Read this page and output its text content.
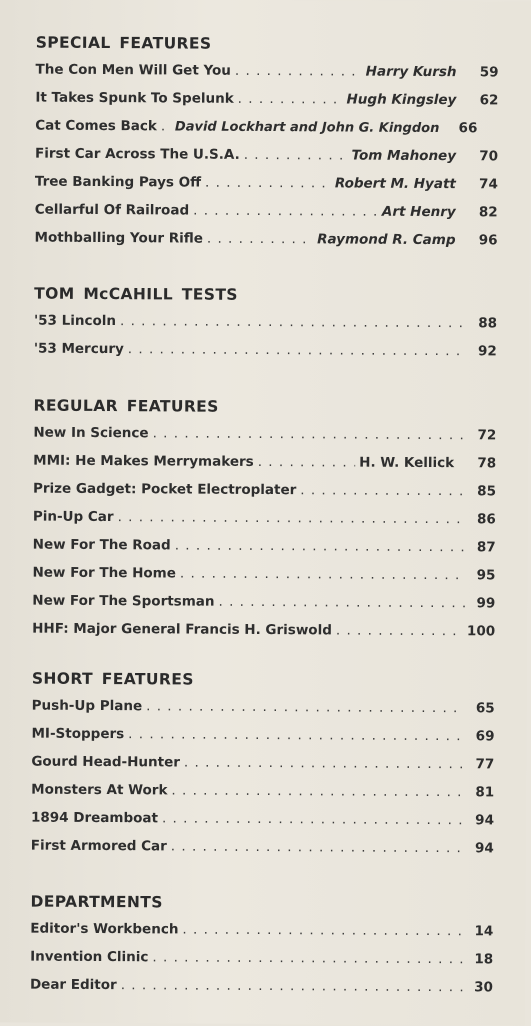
SPECIAL FEATURES
The Con Men Will Get You . . .	Harry Kursh	59
It Takes Spunk To Spelunk . . .	Hugh Kingsley	62
Cat Comes Back . . . David Lockhart and John G. Kingdon	66
First Car Across The U.S.A. . . .	Tom Mahoney	70
Tree Banking Pays Off . . .	Robert M. Hyatt	74
Cellarful Of Railroad . . .	Art Henry	82
Mothballing Your Rifle . . .	Raymond R. Camp	96
TOM McCAHILL TESTS
'53 Lincoln . . .	88
'53 Mercury . . .	92
REGULAR FEATURES
New In Science . . .	72
MMI: He Makes Merrymakers . . .	H. W. Kellick	78
Prize Gadget: Pocket Electroplater . . .	85
Pin-Up Car . . .	86
New For The Road . . .	87
New For The Home . . .	95
New For The Sportsman . . .	99
HHF: Major General Francis H. Griswold . . .	100
SHORT FEATURES
Push-Up Plane . . .	65
MI-Stoppers . . .	69
Gourd Head-Hunter . . .	77
Monsters At Work . . .	81
1894 Dreamboat . . .	94
First Armored Car . . .	94
DEPARTMENTS
Editor's Workbench . . .	14
Invention Clinic . . .	18
Dear Editor . . .	30
